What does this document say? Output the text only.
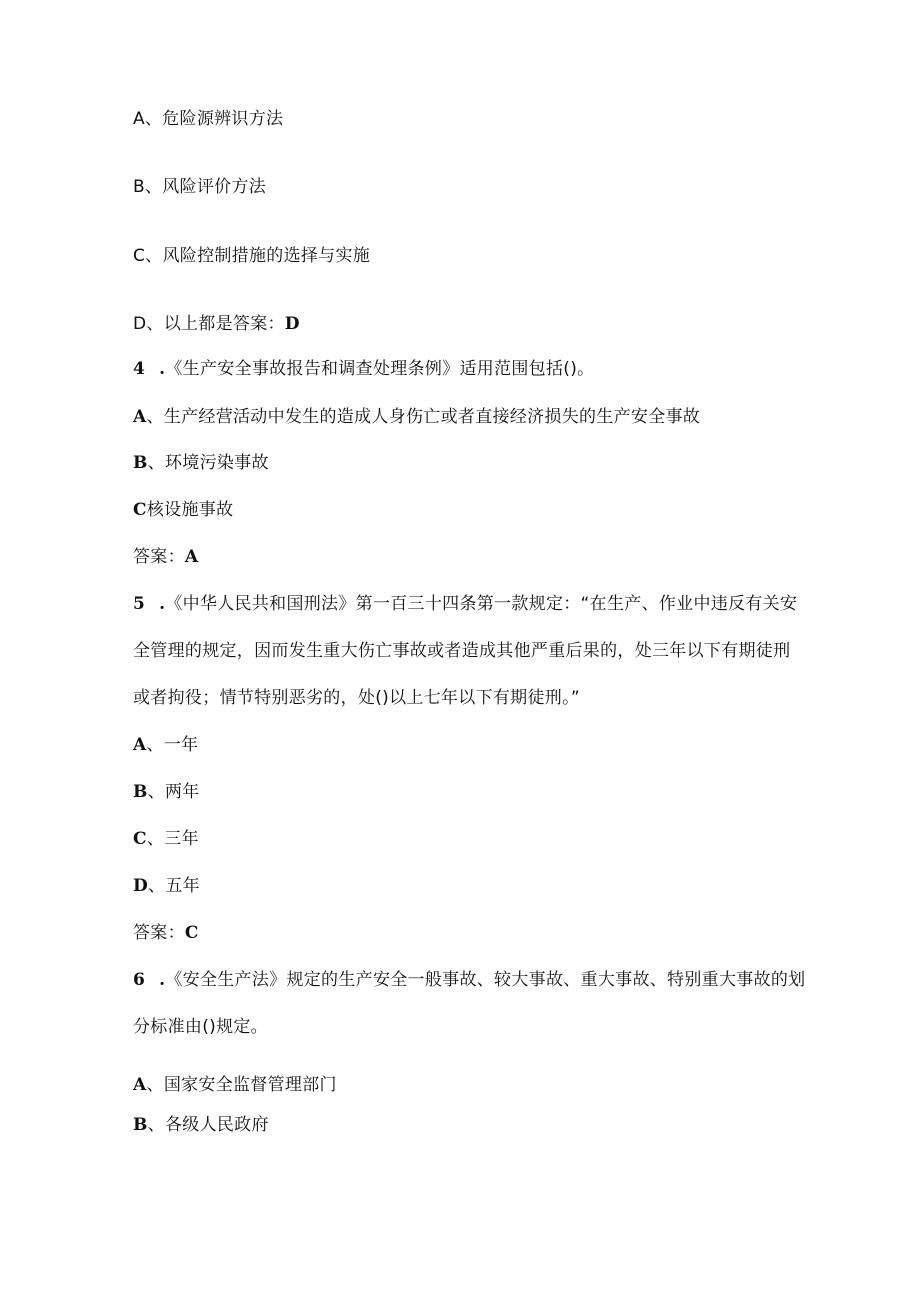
A、危险源辨识方法
B、风险评价方法
C、风险控制措施的选择与实施
D、以上都是答案：D
4 .《生产安全事故报告和调查处理条例》适用范围包括()。
A、生产经营活动中发生的造成人身伤亡或者直接经济损失的生产安全事故
B、环境污染事故
C核设施事故
答案：A
5 .《中华人民共和国刑法》第一百三十四条第一款规定：“在生产、作业中违反有关安
全管理的规定，因而发生重大伤亡事故或者造成其他严重后果的，处三年以下有期徒刑
或者拘役；情节特别恶劣的，处()以上七年以下有期徒刑。”
A、一年
B、两年
C、三年
D、五年
答案：C
6 .《安全生产法》规定的生产安全一般事故、较大事故、重大事故、特别重大事故的划
分标准由()规定。
A、国家安全监督管理部门
B、各级人民政府
